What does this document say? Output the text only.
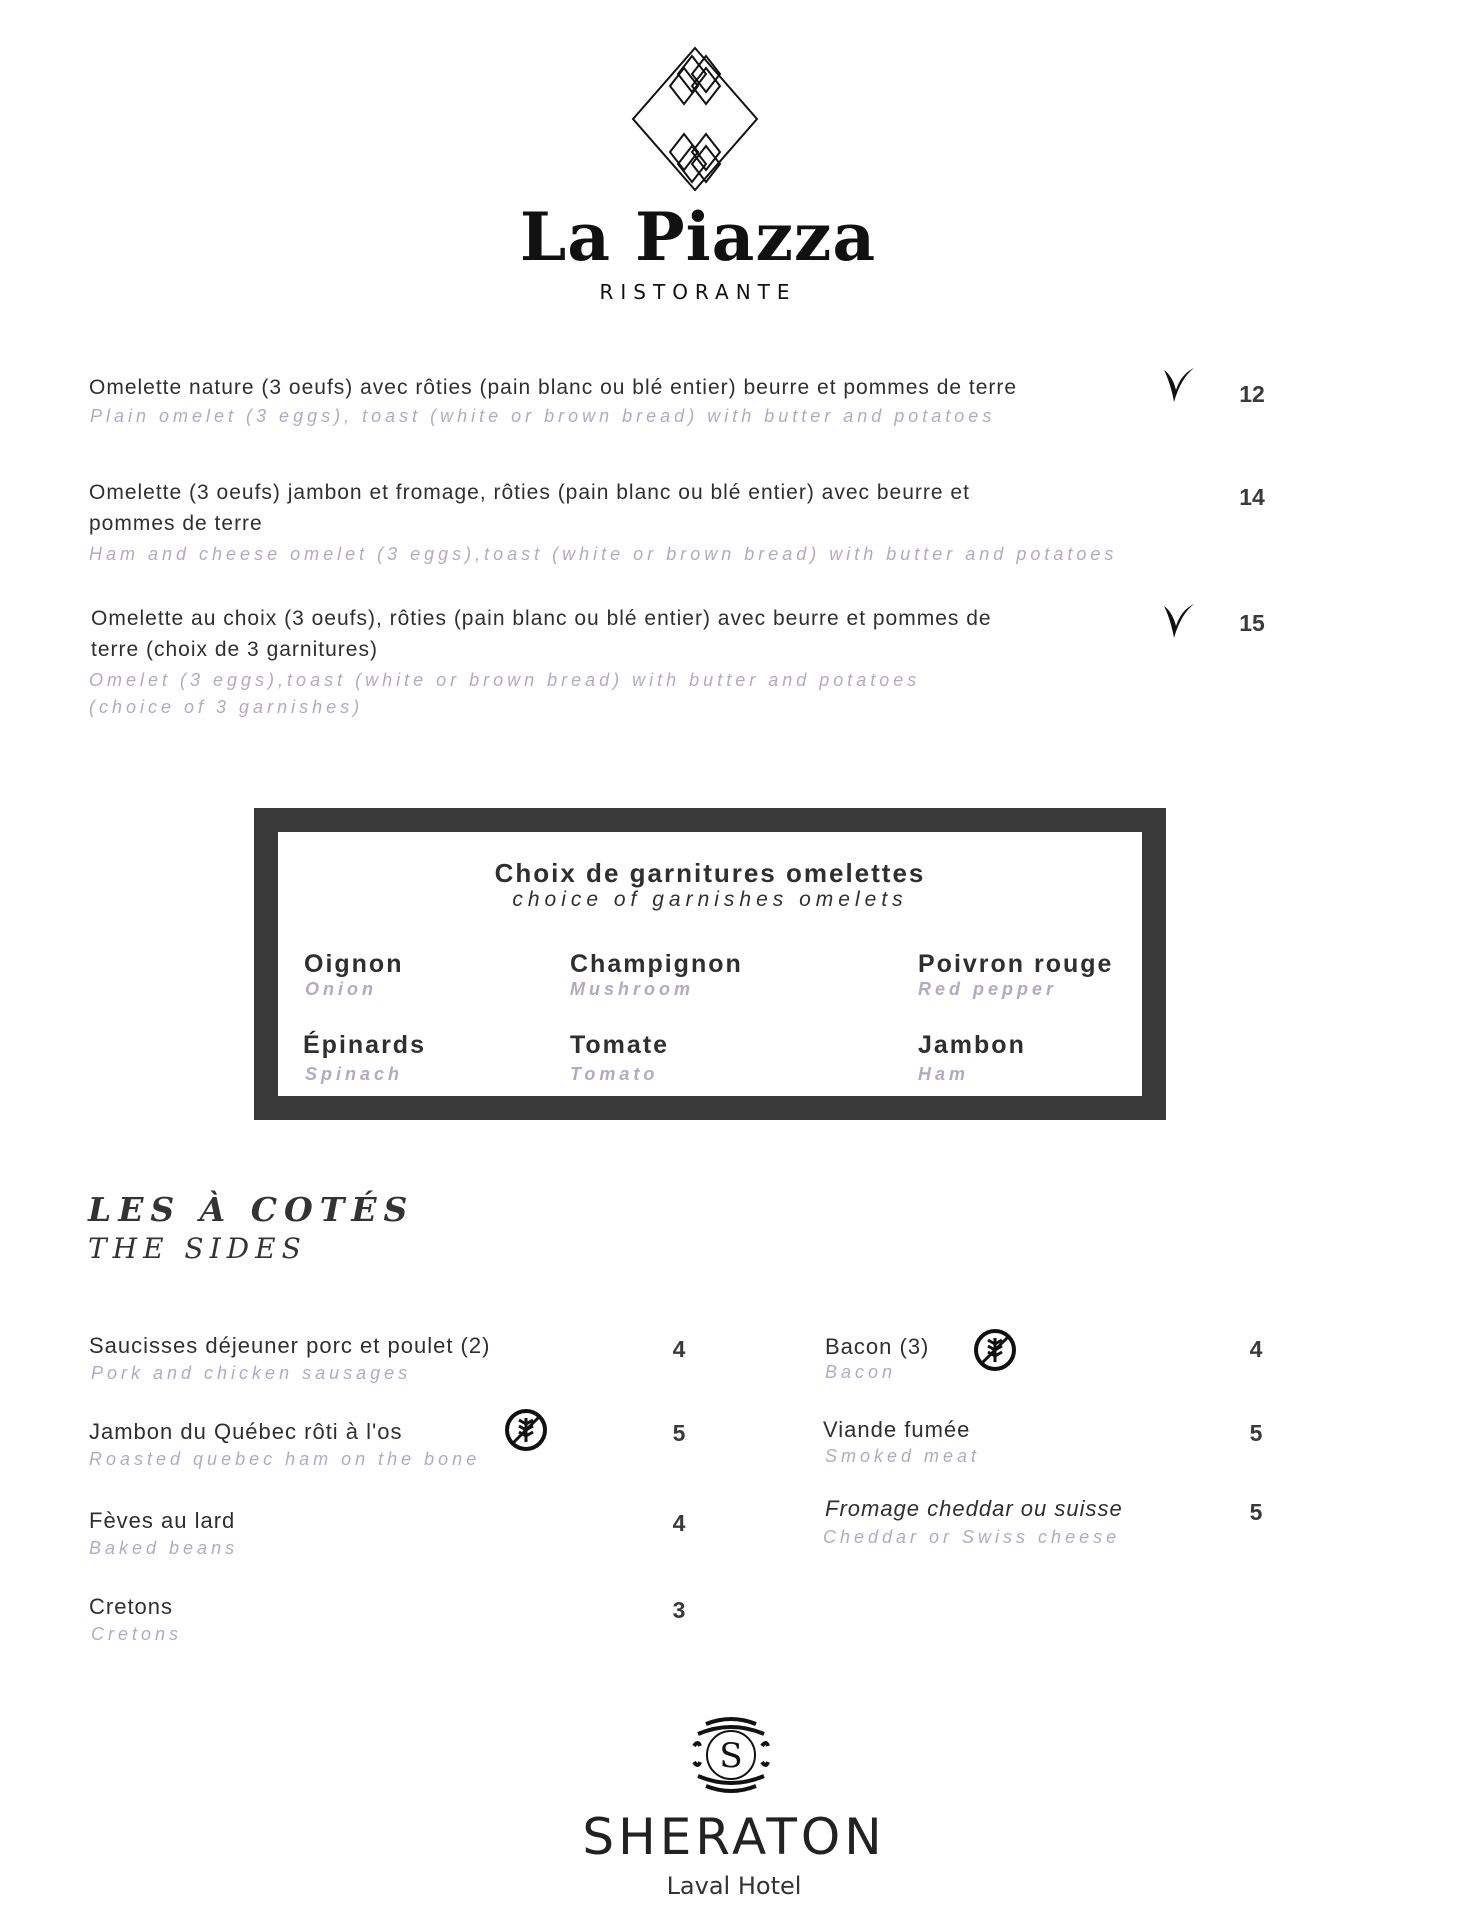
La Piazza
RISTORANTE
Omelette nature (3 oeufs) avec rôties (pain blanc ou blé entier) beurre et pommes de terre
Plain omelet (3 eggs), toast (white or brown bread) with butter and potatoes
12
Omelette (3 oeufs) jambon et fromage, rôties (pain blanc ou blé entier) avec beurre et
pommes de terre
Ham and cheese omelet (3 eggs),toast (white or brown bread) with butter and potatoes
14
Omelette au choix (3 oeufs), rôties (pain blanc ou blé entier) avec beurre et pommes de
terre (choix de 3 garnitures)
Omelet (3 eggs),toast (white or brown bread) with butter and potatoes
(choice of 3 garnishes)
15
Choix de garnitures omelettes
choice of garnishes omelets
Oignon
Onion
Champignon
Mushroom
Poivron rouge
Red pepper
Épinards
Spinach
Tomate
Tomato
Jambon
Ham
LES À COTÉS
THE SIDES
Saucisses déjeuner porc et poulet (2)
Pork and chicken sausages
4
Jambon du Québec rôti à l'os
Roasted quebec ham on the bone
5
Fèves au lard
Baked beans
4
Cretons
Cretons
3
Bacon (3)
Bacon
4
Viande fumée
Smoked meat
5
Fromage cheddar ou suisse
Cheddar or Swiss cheese
5
S
SHERATON
Laval Hotel
